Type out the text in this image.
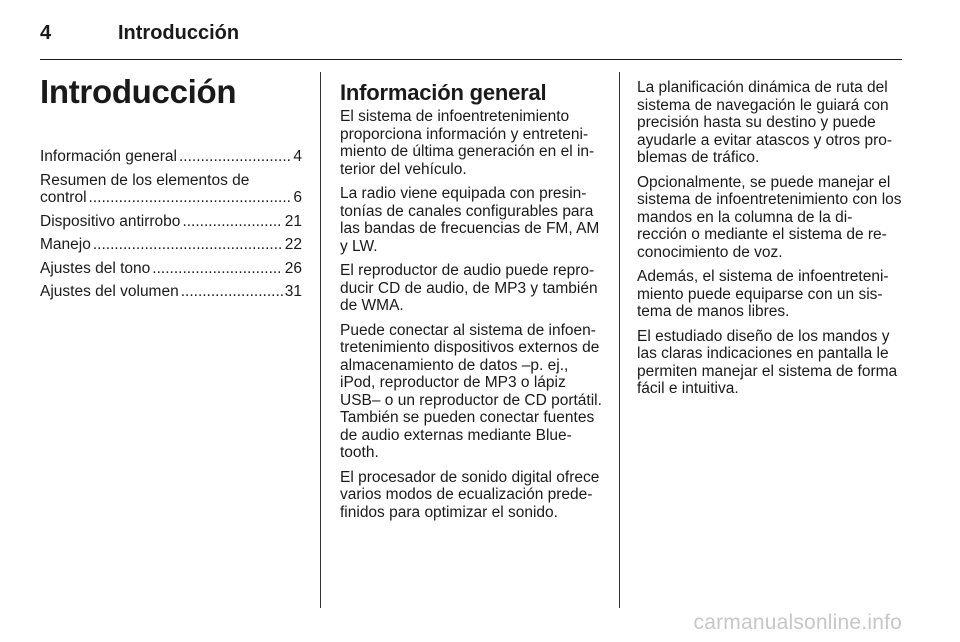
4	Introducción
Introducción
Información general .....	4
Resumen de los elementos de
control .....	6
Dispositivo antirrobo .....	21
Manejo .....	22
Ajustes del tono .....	26
Ajustes del volumen .....	31
Información general

El sistema de infoentretenimiento proporciona información y entreteni-miento de última generación en el in-terior del vehículo.

La radio viene equipada con presin-tonías de canales configurables para las bandas de frecuencias de FM, AM y LW.

El reproductor de audio puede repro-ducir CD de audio, de MP3 y también de WMA.

Puede conectar al sistema de infoen-tretenimiento dispositivos externos de almacenamiento de datos –p. ej., iPod, reproductor de MP3 o lápiz USB– o un reproductor de CD portátil. También se pueden conectar fuentes de audio externas mediante Blue-tooth.

El procesador de sonido digital ofrece varios modos de ecualización prede-finidos para optimizar el sonido.

La planificación dinámica de ruta del sistema de navegación le guiará con precisión hasta su destino y puede ayudarle a evitar atascos y otros pro-blemas de tráfico.

Opcionalmente, se puede manejar el sistema de infoentretenimiento con los mandos en la columna de la di-rección o mediante el sistema de re-conocimiento de voz.

Además, el sistema de infoentreteni-miento puede equiparse con un sis-tema de manos libres.

El estudiado diseño de los mandos y las claras indicaciones en pantalla le permiten manejar el sistema de forma fácil e intuitiva.

carmanualsonline.info
